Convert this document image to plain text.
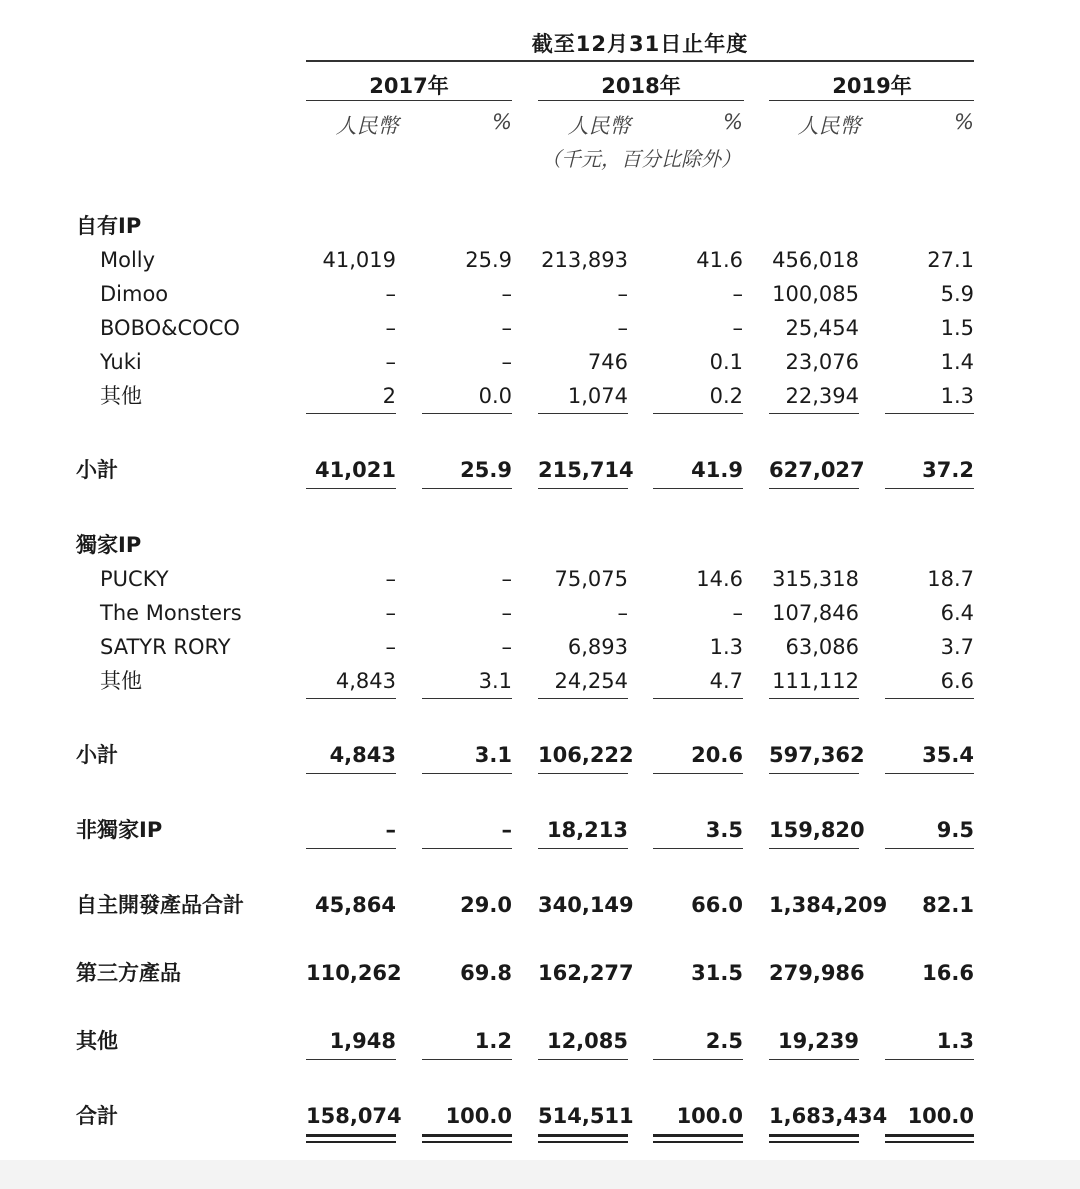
截至12月31日止年度
2017年	2018年	2019年
人民幣	%	人民幣	%	人民幣	%
（千元，百分比除外）
自有IP
Molly	41,019	25.9 213,893	41.6 456,018	27.1
Dimoo	–	–	–	– 100,085	5.9
BOBO&COCO	–	–	–	–	25,454	1.5
Yuki	–	–	746	0.1	23,076	1.4
其他	2	0.0	1,074	0.2	22,394	1.3
小計	41,021	25.9 215,714	41.9 627,027	37.2
獨家IP
PUCKY	–	–	75,075	14.6 315,318	18.7
The Monsters	–	–	–	– 107,846	6.4
SATYR RORY	–	–	6,893	1.3	63,086	3.7
其他	4,843	3.1	24,254	4.7 111,112	6.6
小計	4,843	3.1 106,222	20.6 597,362	35.4
非獨家IP	–	–	18,213	3.5 159,820	9.5
自主開發產品合計	45,864	29.0 340,149	66.0 1,384,209	82.1
第三方產品	110,262	69.8 162,277	31.5 279,986	16.6
其他	1,948	1.2	12,085	2.5	19,239	1.3
合計	158,074	100.0 514,511	100.0 1,683,434 100.0
